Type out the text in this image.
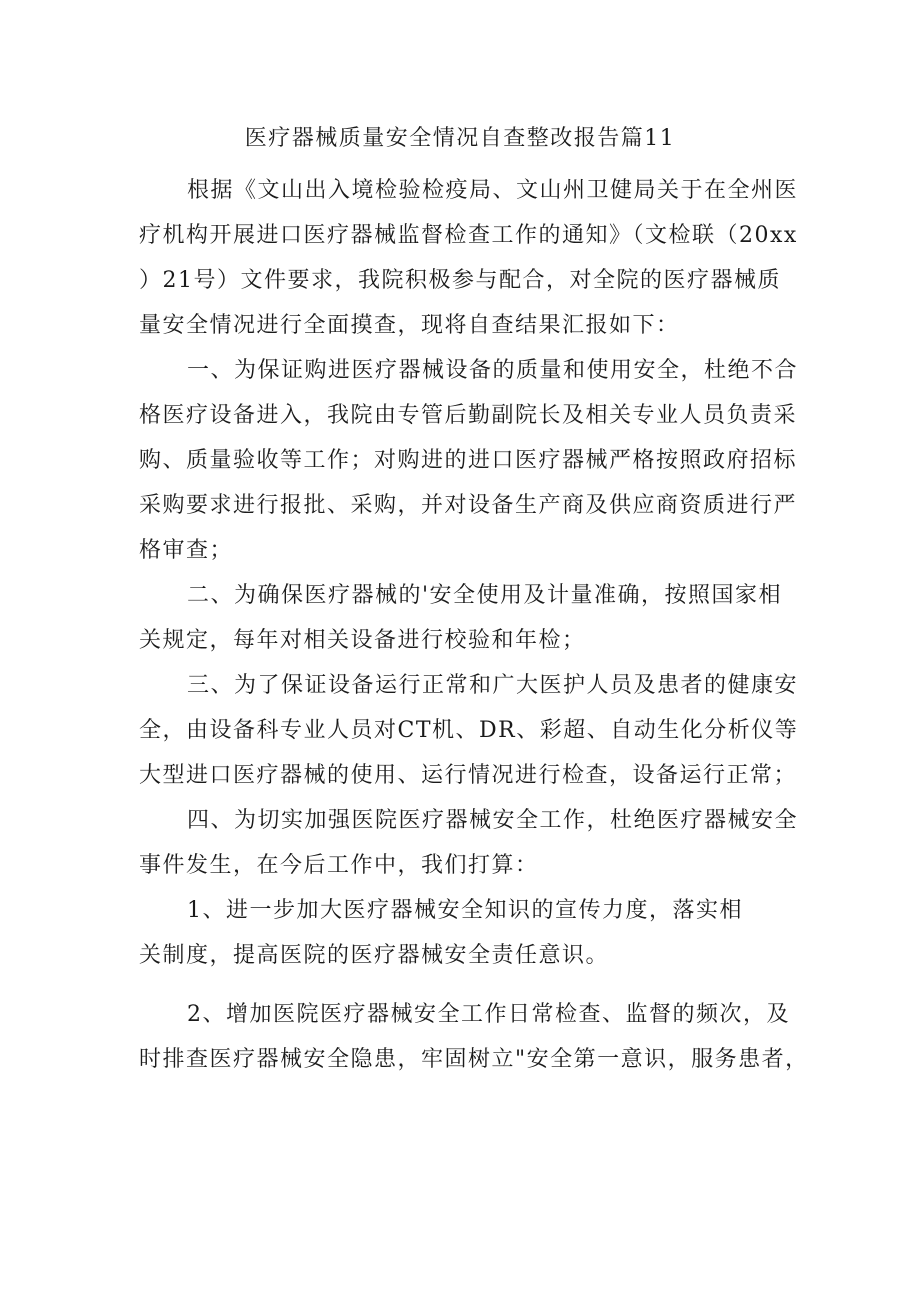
医疗器械质量安全情况自查整改报告篇11
根据《文山出入境检验检疫局、文山州卫健局关于在全州医
疗机构开展进口医疗器械监督检查工作的通知》（文检联（20xx
）21号）文件要求，我院积极参与配合，对全院的医疗器械质
量安全情况进行全面摸查，现将自查结果汇报如下：
一、为保证购进医疗器械设备的质量和使用安全，杜绝不合
格医疗设备进入，我院由专管后勤副院长及相关专业人员负责采
购、质量验收等工作；对购进的进口医疗器械严格按照政府招标
采购要求进行报批、采购，并对设备生产商及供应商资质进行严
格审查；
二、为确保医疗器械的'安全使用及计量准确，按照国家相
关规定，每年对相关设备进行校验和年检；
三、为了保证设备运行正常和广大医护人员及患者的健康安
全，由设备科专业人员对CT机、DR、彩超、自动生化分析仪等
大型进口医疗器械的使用、运行情况进行检查，设备运行正常；
四、为切实加强医院医疗器械安全工作，杜绝医疗器械安全
事件发生，在今后工作中，我们打算：
1、进一步加大医疗器械安全知识的宣传力度，落实相
关制度，提高医院的医疗器械安全责任意识。
2、增加医院医疗器械安全工作日常检查、监督的频次，及
时排查医疗器械安全隐患，牢固树立"安全第一意识，服务患者，
